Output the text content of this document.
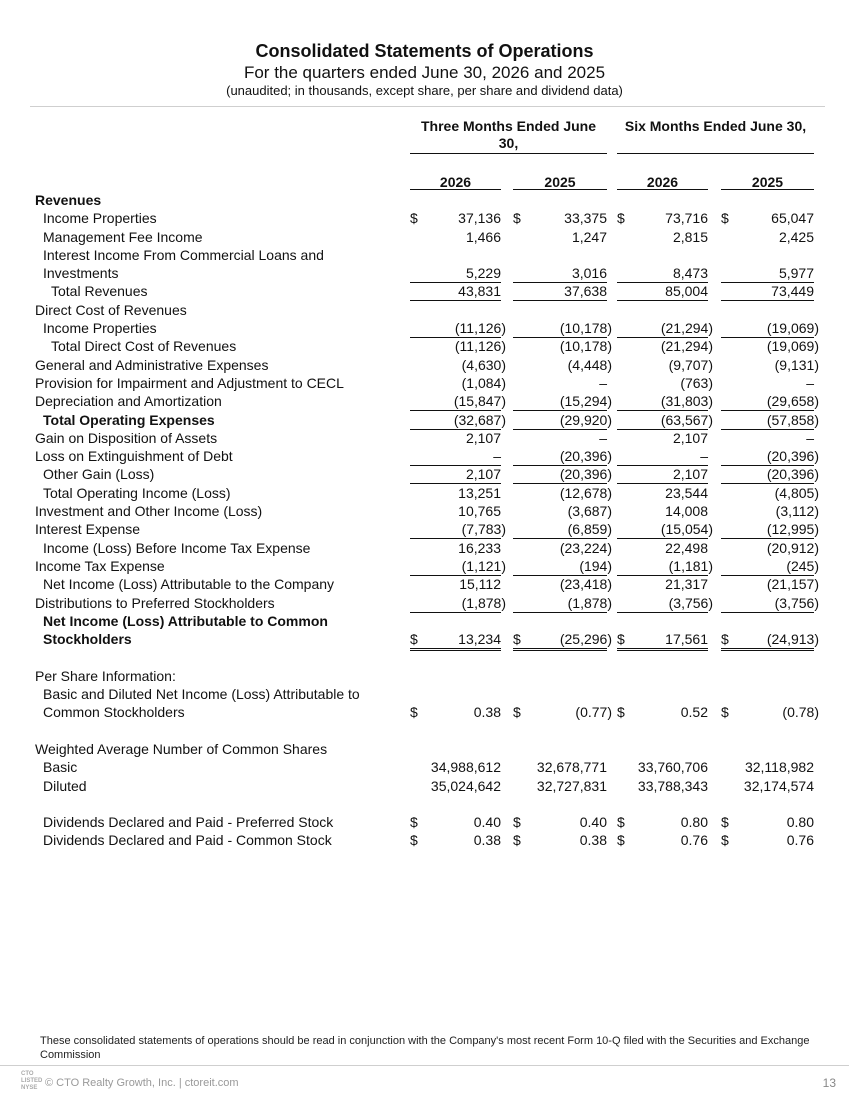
Consolidated Statements of Operations
For the quarters ended June 30, 2026 and 2025
(unaudited; in thousands, except share, per share and dividend data)
Three Months Ended June 30,
Six Months Ended June 30,
2026	2025	2026	2025
Revenues
Income Properties	$	37,136 $	33,375 $	73,716 $	65,047
Management Fee Income	1,466	1,247	2,815	2,425
Interest Income From Commercial Loans and
Investments	5,229	3,016	8,473	5,977
Total Revenues	43,831	37,638	85,004	73,449
Direct Cost of Revenues
Income Properties	(11,126)	(10,178)	(21,294)	(19,069)
Total Direct Cost of Revenues	(11,126)	(10,178)	(21,294)	(19,069)
General and Administrative Expenses	(4,630)	(4,448)	(9,707)	(9,131)
Provision for Impairment and Adjustment to CECL	(1,084)	–	(763)	–
Depreciation and Amortization	(15,847)	(15,294)	(31,803)	(29,658)
Total Operating Expenses	(32,687)	(29,920)	(63,567)	(57,858)
Gain on Disposition of Assets	2,107	–	2,107	–
Loss on Extinguishment of Debt	–	(20,396)	–	(20,396)
Other Gain (Loss)	2,107	(20,396)	2,107	(20,396)
Total Operating Income (Loss)	13,251	(12,678)	23,544	(4,805)
Investment and Other Income (Loss)	10,765	(3,687)	14,008	(3,112)
Interest Expense	(7,783)	(6,859)	(15,054)	(12,995)
Income (Loss) Before Income Tax Expense	16,233	(23,224)	22,498	(20,912)
Income Tax Expense	(1,121)	(194)	(1,181)	(245)
Net Income (Loss) Attributable to the Company	15,112	(23,418)	21,317	(21,157)
Distributions to Preferred Stockholders	(1,878)	(1,878)	(3,756)	(3,756)
Net Income (Loss) Attributable to Common
Stockholders	$	13,234 $	(25,296) $	17,561 $	(24,913)
Per Share Information:
Basic and Diluted Net Income (Loss) Attributable to
Common Stockholders	$	0.38 $	(0.77) $	0.52 $	(0.78)
Weighted Average Number of Common Shares
Basic	34,988,612	32,678,771 33,760,706	32,118,982
Diluted	35,024,642	32,727,831 33,788,343	32,174,574
Dividends Declared and Paid - Preferred Stock	$	0.40 $	0.40 $	0.80 $	0.80
Dividends Declared and Paid - Common Stock	$	0.38 $	0.38 $	0.76 $	0.76
These consolidated statements of operations should be read in conjunction with the Company's most recent Form 10-Q filed with the Securities and Exchange Commission
CTO
LISTED
NYSE © CTO Realty Growth, Inc. | ctoreit.com	13
